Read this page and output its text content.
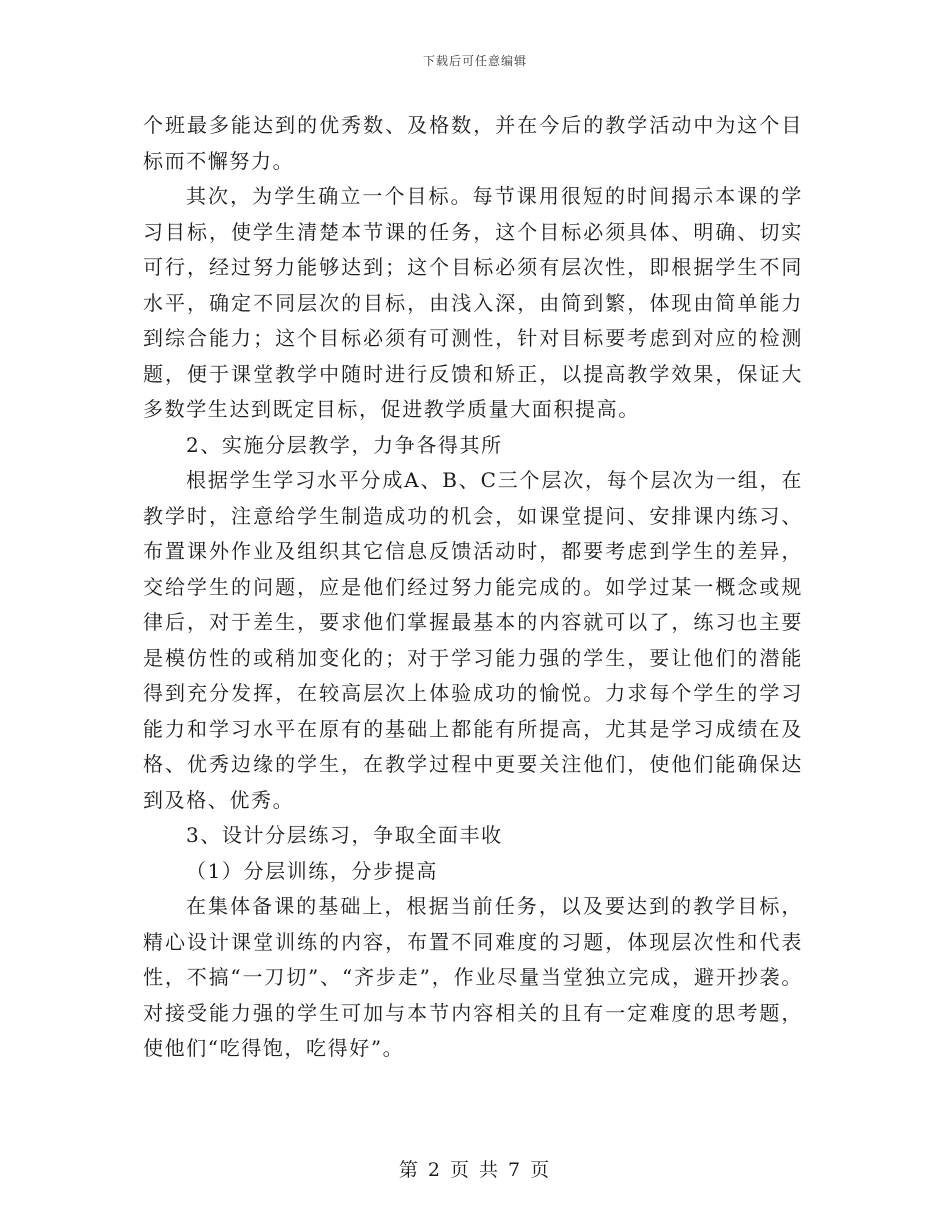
下载后可任意编辑

个班最多能达到的优秀数、及格数，并在今后的教学活动中为这个目标而不懈努力。

其次，为学生确立一个目标。每节课用很短的时间揭示本课的学习目标，使学生清楚本节课的任务，这个目标必须具体、明确、切实可行，经过努力能够达到；这个目标必须有层次性，即根据学生不同水平，确定不同层次的目标，由浅入深，由简到繁，体现由简单能力到综合能力；这个目标必须有可测性，针对目标要考虑到对应的检测题，便于课堂教学中随时进行反馈和矫正，以提高教学效果，保证大多数学生达到既定目标，促进教学质量大面积提高。

2、实施分层教学，力争各得其所

根据学生学习水平分成A、B、C三个层次，每个层次为一组，在教学时，注意给学生制造成功的机会，如课堂提问、安排课内练习、布置课外作业及组织其它信息反馈活动时，都要考虑到学生的差异，交给学生的问题，应是他们经过努力能完成的。如学过某一概念或规律后，对于差生，要求他们掌握最基本的内容就可以了，练习也主要是模仿性的或稍加变化的；对于学习能力强的学生，要让他们的潜能得到充分发挥，在较高层次上体验成功的愉悦。力求每个学生的学习能力和学习水平在原有的基础上都能有所提高，尤其是学习成绩在及格、优秀边缘的学生，在教学过程中更要关注他们，使他们能确保达到及格、优秀。

3、设计分层练习，争取全面丰收

（1）分层训练，分步提高

在集体备课的基础上，根据当前任务，以及要达到的教学目标，精心设计课堂训练的内容，布置不同难度的习题，体现层次性和代表性，不搞“一刀切”、“齐步走”，作业尽量当堂独立完成，避开抄袭。对接受能力强的学生可加与本节内容相关的且有一定难度的思考题，使他们“吃得饱，吃得好”。

第 2 页 共 7 页
